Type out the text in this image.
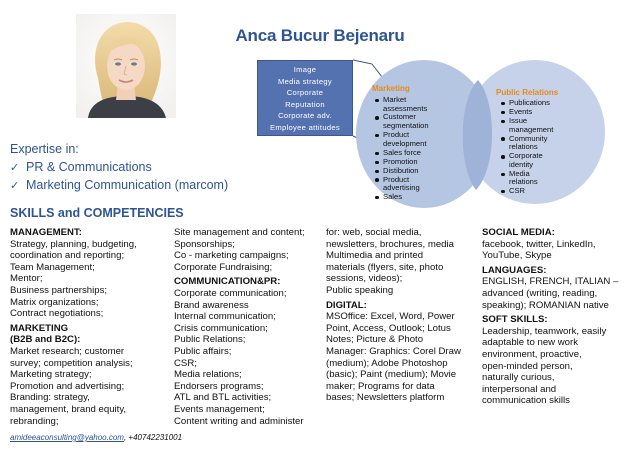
Anca Bucur Bejenaru
Image
Media strategy
Corporate
Reputation
Corporate adv.
Employee attitudes
Marketing
Market assessments
Customer
segmentation
Product
development
Sales force
Promotion
Distibution
Product advertising
Sales
Public Relations
Publications
Events
Issue
management
Community
relations
Corporate identity
Media relations
CSR
Expertise in:
✓ PR & Communications
✓ Marketing Communication (marcom)
SKILLS and COMPETENCIES
MANAGEMENT:
Strategy, planning, budgeting,
coordination and reporting;
Team Management;
Mentor;
Business partnerships;
Matrix organizations;
Contract negotiations;
MARKETING
(B2B and B2C):
Market research; customer
survey; competition analysis;
Marketing strategy;
Promotion and advertising;
Branding: strategy,
management, brand equity,
rebranding;
Site management and content;
Sponsorships;
Co - marketing campaigns;
Corporate Fundraising;
COMMUNICATION&PR:
Corporate communication;
Brand awareness
Internal communication;
Crisis communication;
Public Relations;
Public affairs;
CSR;
Media relations;
Endorsers programs;
ATL and BTL activities;
Events management;
Content writing and administer
for: web, social media,
newsletters, brochures, media
Multimedia and printed
materials (flyers, site, photo
sessions, videos);
Public speaking
DIGITAL:
MSOffice: Excel, Word, Power
Point, Access, Outlook; Lotus
Notes; Picture & Photo
Manager: Graphics: Corel Draw
(medium); Adobe Photoshop
(basic); Paint (medium); Movie
maker; Programs for data
bases; Newsletters platform
SOCIAL MEDIA:
facebook, twitter, LinkedIn,
YouTube, Skype
LANGUAGES:
ENGLISH, FRENCH, ITALIAN –
advanced (writing, reading,
speaking); ROMANIAN native
SOFT SKILLS:
Leadership, teamwork, easily
adaptable to new work
environment, proactive,
open-minded person,
naturally curious,
interpersonal and
communication skills
amideeaconsulting@yahoo.com, +40742231001
